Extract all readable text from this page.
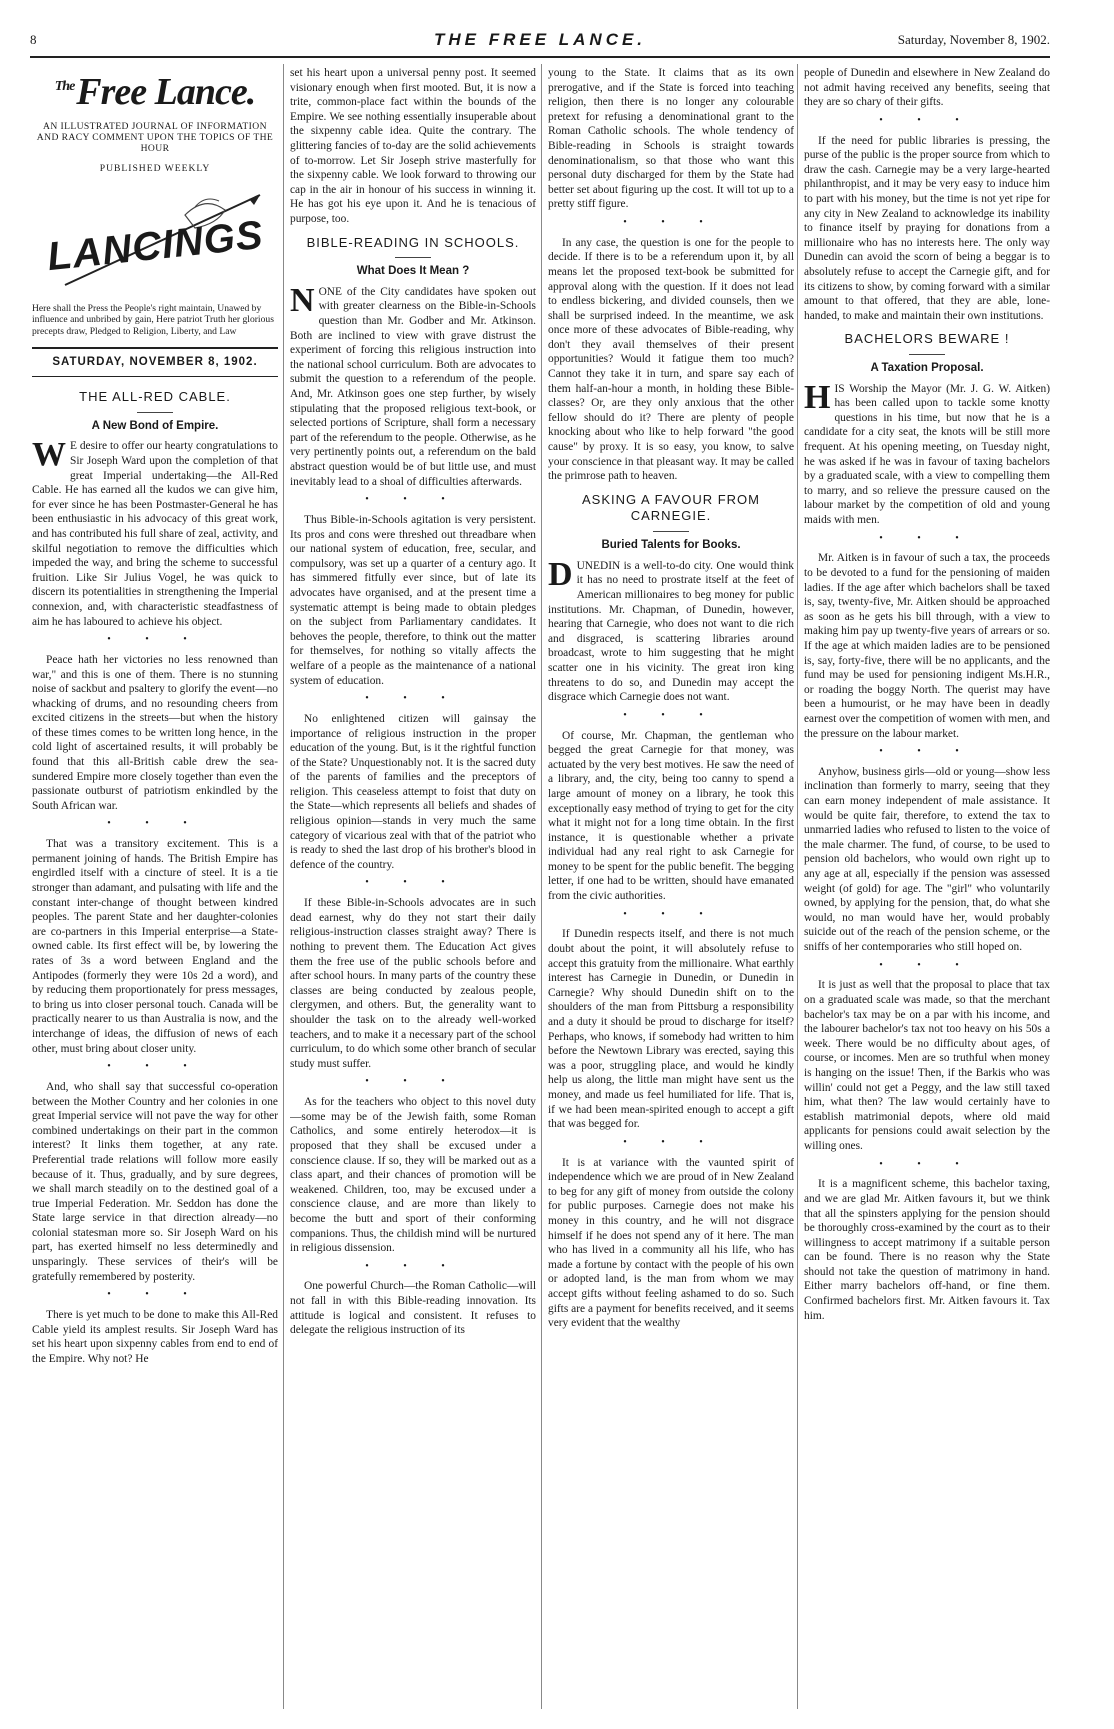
8	THE FREE LANCE.	Saturday, November 8, 1902.
$^{The}$Free Lance.
AN ILLUSTRATED JOURNAL OF INFORMATION AND RACY COMMENT UPON THE TOPICS OF THE HOUR
PUBLISHED WEEKLY
LANCINGS
Here shall the Press the People's right maintain, Unawed by influence and unbribed by gain, Here patriot Truth her glorious precepts draw, Pledged to Religion, Liberty, and Law
SATURDAY, NOVEMBER 8, 1902.
THE ALL-RED CABLE.
A New Bond of Empire.

W E desire to offer our hearty congratulations to Sir Joseph Ward upon the completion of that great Imperial undertaking—the All-Red Cable. He has earned all the kudos we can give him, for ever since he has been Postmaster-General he has been enthusiastic in his advocacy of this great work, and has contributed his full share of zeal, activity, and skilful negotiation to remove the difficulties which impeded the way, and bring the scheme to successful fruition. Like Sir Julius Vogel, he was quick to discern its potentialities in strengthening the Imperial connexion, and, with characteristic steadfastness of aim he has laboured to achieve his object.

• • •

Peace hath her victories no less renowned than war," and this is one of them. There is no stunning noise of sackbut and psaltery to glorify the event—no whacking of drums, and no resounding cheers from excited citizens in the streets—but when the history of these times comes to be written long hence, in the cold light of ascertained results, it will probably be found that this all-British cable drew the sea-sundered Empire more closely together than even the passionate outburst of patriotism enkindled by the South African war.

• • •

That was a transitory excitement. This is a permanent joining of hands. The British Empire has engirdled itself with a cincture of steel. It is a tie stronger than adamant, and pulsating with life and the constant inter-change of thought between kindred peoples. The parent State and her daughter-colonies are co-partners in this Imperial enterprise—a State-owned cable. Its first effect will be, by lowering the rates of 3s a word between England and the Antipodes (formerly they were 10s 2d a word), and by reducing them proportionately for press messages, to bring us into closer personal touch. Canada will be practically nearer to us than Australia is now, and the interchange of ideas, the diffusion of news of each other, must bring about closer unity.

• • •

And, who shall say that successful co-operation between the Mother Country and her colonies in one great Imperial service will not pave the way for other combined undertakings on their part in the common interest? It links them together, at any rate. Preferential trade relations will follow more easily because of it. Thus, gradually, and by sure degrees, we shall march steadily on to the destined goal of a true Imperial Federation. Mr. Seddon has done the State large service in that direction already—no colonial statesman more so. Sir Joseph Ward on his part, has exerted himself no less determinedly and unsparingly. These services of their's will be gratefully remembered by posterity.

• • •

There is yet much to be done to make this All-Red Cable yield its amplest results. Sir Joseph Ward has set his heart upon sixpenny cables from end to end of the Empire. Why not? He

set his heart upon a universal penny post. It seemed visionary enough when first mooted. But, it is now a trite, common-place fact within the bounds of the Empire. We see nothing essentially insuperable about the sixpenny cable idea. Quite the contrary. The glittering fancies of to-day are the solid achievements of to-morrow. Let Sir Joseph strive masterfully for the sixpenny cable. We look forward to throwing our cap in the air in honour of his success in winning it. He has got his eye upon it. And he is tenacious of purpose, too.

BIBLE-READING IN SCHOOLS.
What Does It Mean ?

NONE of the City candidates have spoken out with greater clearness on the Bible-in-Schools question than Mr. Godber and Mr. Atkinson. Both are inclined to view with grave distrust the experiment of forcing this religious instruction into the national school curriculum. Both are advocates to submit the question to a referendum of the people. And, Mr. Atkinson goes one step further, by wisely stipulating that the proposed religious text-book, or selected portions of Scripture, shall form a necessary part of the referendum to the people. Otherwise, as he very pertinently points out, a referendum on the bald abstract question would be of but little use, and must inevitably lead to a shoal of difficulties afterwards.

• • •

Thus Bible-in-Schools agitation is very persistent. Its pros and cons were threshed out threadbare when our national system of education, free, secular, and compulsory, was set up a quarter of a century ago. It has simmered fitfully ever since, but of late its advocates have organised, and at the present time a systematic attempt is being made to obtain pledges on the subject from Parliamentary candidates. It behoves the people, therefore, to think out the matter for themselves, for nothing so vitally affects the welfare of a people as the maintenance of a national system of education.

• • •

No enlightened citizen will gainsay the importance of religious instruction in the proper education of the young. But, is it the rightful function of the State? Unquestionably not. It is the sacred duty of the parents of families and the preceptors of religion. This ceaseless attempt to foist that duty on the State—which represents all beliefs and shades of religious opinion—stands in very much the same category of vicarious zeal with that of the patriot who is ready to shed the last drop of his brother's blood in defence of the country.

• • •

If these Bible-in-Schools advocates are in such dead earnest, why do they not start their daily religious-instruction classes straight away? There is nothing to prevent them. The Education Act gives them the free use of the public schools before and after school hours. In many parts of the country these classes are being conducted by zealous people, clergymen, and others. But, the generality want to shoulder the task on to the already well-worked teachers, and to make it a necessary part of the school curriculum, to do which some other branch of secular study must suffer.

• • •

As for the teachers who object to this novel duty—some may be of the Jewish faith, some Roman Catholics, and some entirely heterodox—it is proposed that they shall be excused under a conscience clause. If so, they will be marked out as a class apart, and their chances of promotion will be weakened. Children, too, may be excused under a conscience clause, and are more than likely to become the butt and sport of their conforming companions. Thus, the childish mind will be nurtured in religious dissension.

• • •

One powerful Church—the Roman Catholic—will not fall in with this Bible-reading innovation. Its attitude is logical and consistent. It refuses to delegate the religious instruction of its

young to the State. It claims that as its own prerogative, and if the State is forced into teaching religion, then there is no longer any colourable pretext for refusing a denominational grant to the Roman Catholic schools. The whole tendency of Bible-reading in Schools is straight towards denominationalism, so that those who want this personal duty discharged for them by the State had better set about figuring up the cost. It will tot up to a pretty stiff figure.

• • •

In any case, the question is one for the people to decide. If there is to be a referendum upon it, by all means let the proposed text-book be submitted for approval along with the question. If it does not lead to endless bickering, and divided counsels, then we shall be surprised indeed. In the meantime, we ask once more of these advocates of Bible-reading, why don't they avail themselves of their present opportunities? Would it fatigue them too much? Cannot they take it in turn, and spare say each of them half-an-hour a month, in holding these Bible-classes? Or, are they only anxious that the other fellow should do it? There are plenty of people knocking about who like to help forward "the good cause" by proxy. It is so easy, you know, to salve your conscience in that pleasant way. It may be called the primrose path to heaven.

ASKING A FAVOUR FROM CARNEGIE.
Buried Talents for Books.

DUNEDIN is a well-to-do city. One would think it has no need to prostrate itself at the feet of American millionaires to beg money for public institutions. Mr. Chapman, of Dunedin, however, hearing that Carnegie, who does not want to die rich and disgraced, is scattering libraries around broadcast, wrote to him suggesting that he might scatter one in his vicinity. The great iron king threatens to do so, and Dunedin may accept the disgrace which Carnegie does not want.

• • •

Of course, Mr. Chapman, the gentleman who begged the great Carnegie for that money, was actuated by the very best motives. He saw the need of a library, and, the city, being too canny to spend a large amount of money on a library, he took this exceptionally easy method of trying to get for the city what it might not for a long time obtain. In the first instance, it is questionable whether a private individual had any real right to ask Carnegie for money to be spent for the public benefit. The begging letter, if one had to be written, should have emanated from the civic authorities.

• • •

If Dunedin respects itself, and there is not much doubt about the point, it will absolutely refuse to accept this gratuity from the millionaire. What earthly interest has Carnegie in Dunedin, or Dunedin in Carnegie? Why should Dunedin shift on to the shoulders of the man from Pittsburg a responsibility and a duty it should be proud to discharge for itself? Perhaps, who knows, if somebody had written to him before the Newtown Library was erected, saying this was a poor, struggling place, and would he kindly help us along, the little man might have sent us the money, and made us feel humiliated for life. That is, if we had been mean-spirited enough to accept a gift that was begged for.

• • •

It is at variance with the vaunted spirit of independence which we are proud of in New Zealand to beg for any gift of money from outside the colony for public purposes. Carnegie does not make his money in this country, and he will not disgrace himself if he does not spend any of it here. The man who has lived in a community all his life, who has made a fortune by contact with the people of his own or adopted land, is the man from whom we may accept gifts without feeling ashamed to do so. Such gifts are a payment for benefits received, and it seems very evident that the wealthy

people of Dunedin and elsewhere in New Zealand do not admit having received any benefits, seeing that they are so chary of their gifts.

• • •

If the need for public libraries is pressing, the purse of the public is the proper source from which to draw the cash. Carnegie may be a very large-hearted philanthropist, and it may be very easy to induce him to part with his money, but the time is not yet ripe for any city in New Zealand to acknowledge its inability to finance itself by praying for donations from a millionaire who has no interests here. The only way Dunedin can avoid the scorn of being a beggar is to absolutely refuse to accept the Carnegie gift, and for its citizens to show, by coming forward with a similar amount to that offered, that they are able, lone-handed, to make and maintain their own institutions.

BACHELORS BEWARE !
A Taxation Proposal.

HIS Worship the Mayor (Mr. J. G. W. Aitken) has been called upon to tackle some knotty questions in his time, but now that he is a candidate for a city seat, the knots will be still more frequent. At his opening meeting, on Tuesday night, he was asked if he was in favour of taxing bachelors by a graduated scale, with a view to compelling them to marry, and so relieve the pressure caused on the labour market by the competition of old and young maids with men.

• • •

Mr. Aitken is in favour of such a tax, the proceeds to be devoted to a fund for the pensioning of maiden ladies. If the age after which bachelors shall be taxed is, say, twenty-five, Mr. Aitken should be approached as soon as he gets his bill through, with a view to making him pay up twenty-five years of arrears or so. If the age at which maiden ladies are to be pensioned is, say, forty-five, there will be no applicants, and the fund may be used for pensioning indigent Ms.H.R., or roading the boggy North. The querist may have been a humourist, or he may have been in deadly earnest over the competition of women with men, and the pressure on the labour market.

• • •

Anyhow, business girls—old or young—show less inclination than formerly to marry, seeing that they can earn money independent of male assistance. It would be quite fair, therefore, to extend the tax to unmarried ladies who refused to listen to the voice of the male charmer. The fund, of course, to be used to pension old bachelors, who would own right up to any age at all, especially if the pension was assessed weight (of gold) for age. The "girl" who voluntarily owned, by applying for the pension, that, do what she would, no man would have her, would probably suicide out of the reach of the pension scheme, or the sniffs of her contemporaries who still hoped on.

• • •

It is just as well that the proposal to place that tax on a graduated scale was made, so that the merchant bachelor's tax may be on a par with his income, and the labourer bachelor's tax not too heavy on his 50s a week. There would be no difficulty about ages, of course, or incomes. Men are so truthful when money is hanging on the issue! Then, if the Barkis who was willin' could not get a Peggy, and the law still taxed him, what then? The law would certainly have to establish matrimonial depots, where old maid applicants for pensions could await selection by the willing ones.

• • •

It is a magnificent scheme, this bachelor taxing, and we are glad Mr. Aitken favours it, but we think that all the spinsters applying for the pension should be thoroughly cross-examined by the court as to their willingness to accept matrimony if a suitable person can be found. There is no reason why the State should not take the question of matrimony in hand. Either marry bachelors off-hand, or fine them. Confirmed bachelors first. Mr. Aitken favours it. Tax him.
